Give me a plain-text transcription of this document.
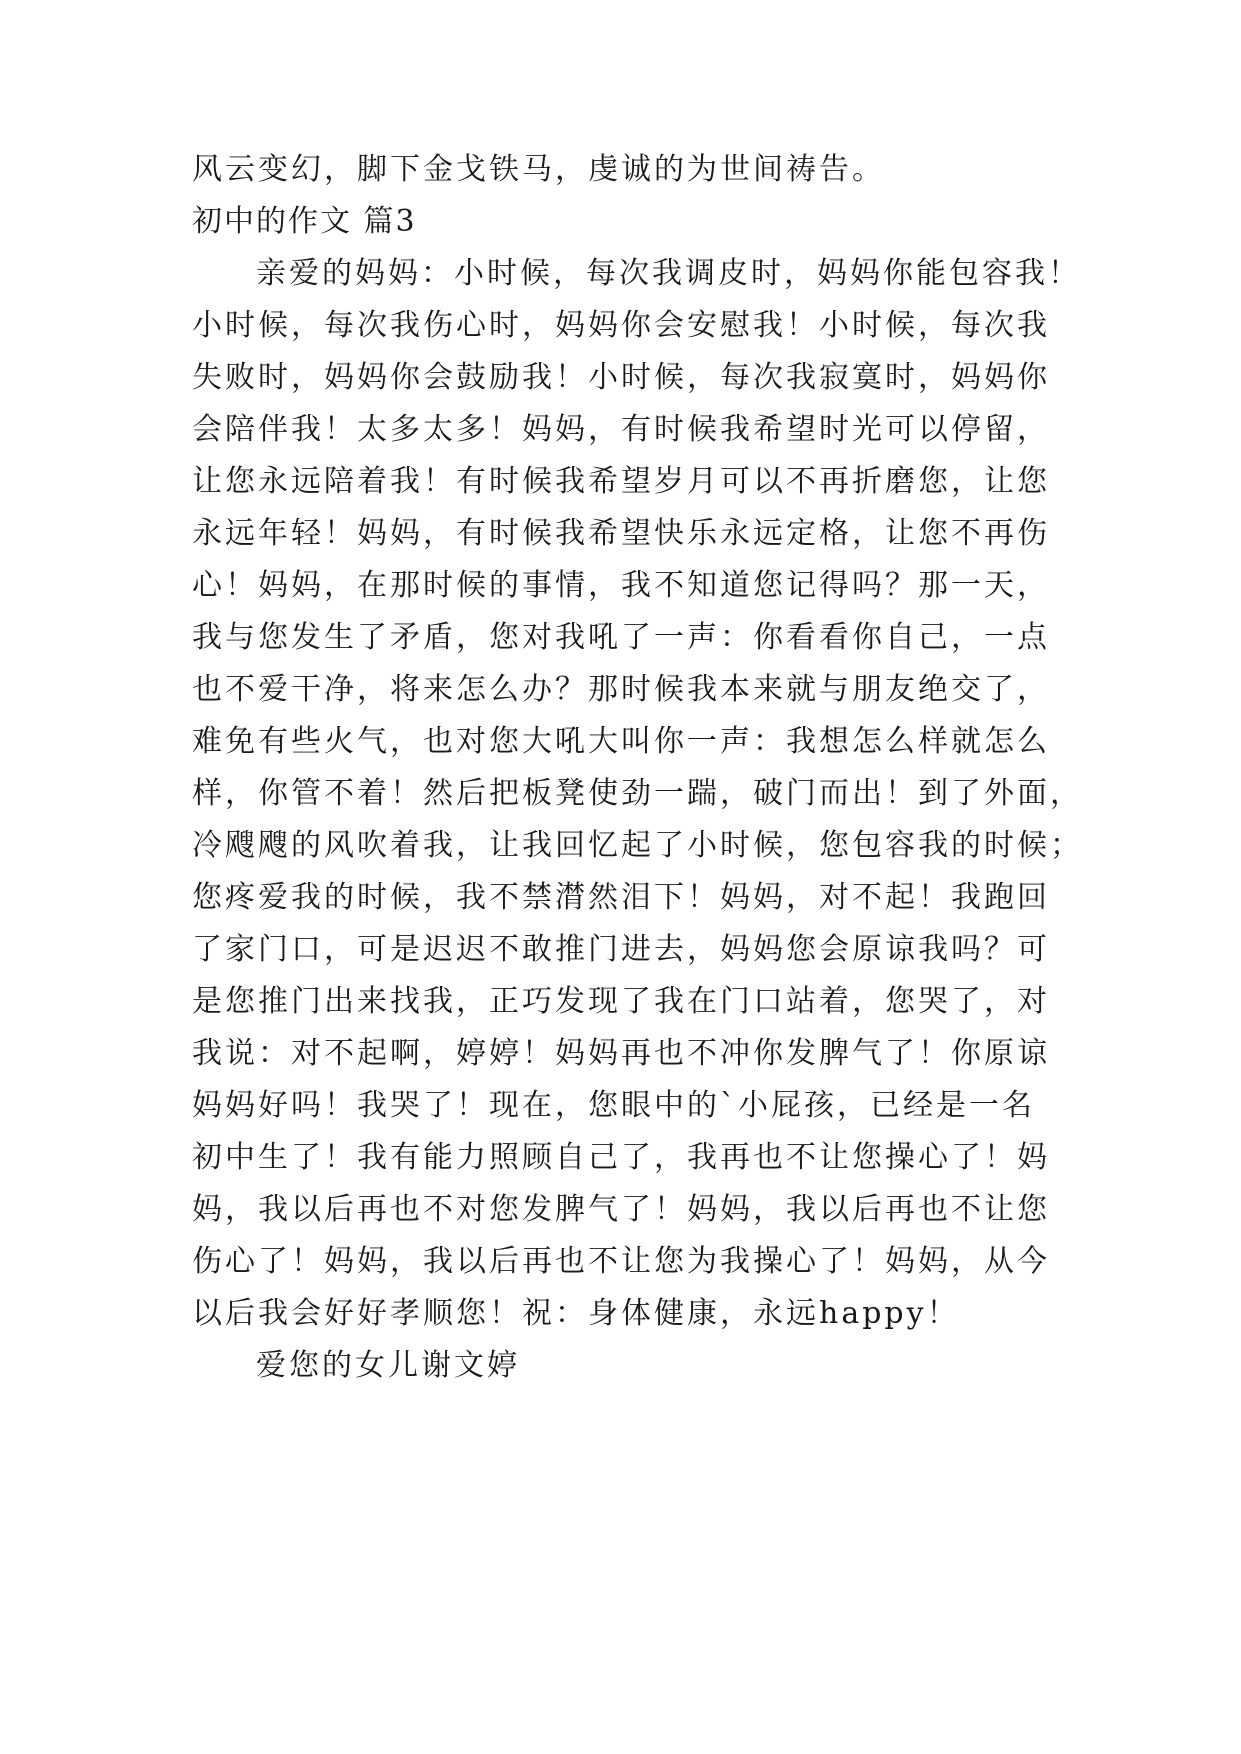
风云变幻，脚下金戈铁马，虔诚的为世间祷告。
初中的作文 篇3
亲爱的妈妈：小时候，每次我调皮时，妈妈你能包容我！
小时候，每次我伤心时，妈妈你会安慰我！小时候，每次我
失败时，妈妈你会鼓励我！小时候，每次我寂寞时，妈妈你
会陪伴我！太多太多！妈妈，有时候我希望时光可以停留，
让您永远陪着我！有时候我希望岁月可以不再折磨您，让您
永远年轻！妈妈，有时候我希望快乐永远定格，让您不再伤
心！妈妈，在那时候的事情，我不知道您记得吗？那一天，
我与您发生了矛盾，您对我吼了一声：你看看你自己，一点
也不爱干净，将来怎么办？那时候我本来就与朋友绝交了，
难免有些火气，也对您大吼大叫你一声：我想怎么样就怎么
样，你管不着！然后把板凳使劲一踹，破门而出！到了外面，
冷飕飕的风吹着我，让我回忆起了小时候，您包容我的时候；
您疼爱我的时候，我不禁潸然泪下！妈妈，对不起！我跑回
了家门口，可是迟迟不敢推门进去，妈妈您会原谅我吗？可
是您推门出来找我，正巧发现了我在门口站着，您哭了，对
我说：对不起啊，婷婷！妈妈再也不冲你发脾气了！你原谅
妈妈好吗！我哭了！现在，您眼中的`小屁孩，已经是一名
初中生了！我有能力照顾自己了，我再也不让您操心了！妈
妈，我以后再也不对您发脾气了！妈妈，我以后再也不让您
伤心了！妈妈，我以后再也不让您为我操心了！妈妈，从今
以后我会好好孝顺您！祝：身体健康，永远happy！
爱您的女儿谢文婷
